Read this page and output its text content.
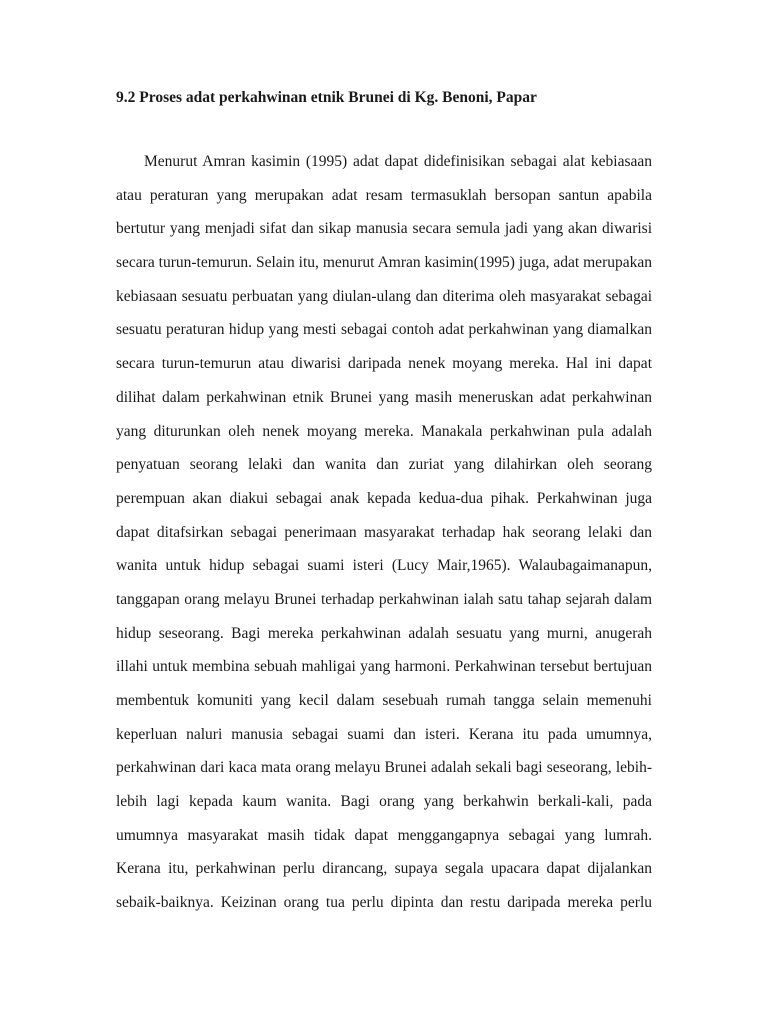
9.2 Proses adat perkahwinan etnik Brunei di Kg. Benoni, Papar
Menurut Amran kasimin (1995) adat dapat didefinisikan sebagai alat kebiasaan
atau peraturan yang merupakan adat resam termasuklah bersopan santun apabila
bertutur yang menjadi sifat dan sikap manusia secara semula jadi yang akan diwarisi
secara turun-temurun. Selain itu, menurut Amran kasimin(1995) juga, adat merupakan
kebiasaan sesuatu perbuatan yang diulan-ulang dan diterima oleh masyarakat sebagai
sesuatu peraturan hidup yang mesti sebagai contoh adat perkahwinan yang diamalkan
secara turun-temurun atau diwarisi daripada nenek moyang mereka. Hal ini dapat
dilihat dalam perkahwinan etnik Brunei yang masih meneruskan adat perkahwinan
yang diturunkan oleh nenek moyang mereka. Manakala perkahwinan pula adalah
penyatuan seorang lelaki dan wanita dan zuriat yang dilahirkan oleh seorang
perempuan akan diakui sebagai anak kepada kedua-dua pihak. Perkahwinan juga
dapat ditafsirkan sebagai penerimaan masyarakat terhadap hak seorang lelaki dan
wanita untuk hidup sebagai suami isteri (Lucy Mair,1965). Walaubagaimanapun,
tanggapan orang melayu Brunei terhadap perkahwinan ialah satu tahap sejarah dalam
hidup seseorang. Bagi mereka perkahwinan adalah sesuatu yang murni, anugerah
illahi untuk membina sebuah mahligai yang harmoni. Perkahwinan tersebut bertujuan
membentuk komuniti yang kecil dalam sesebuah rumah tangga selain memenuhi
keperluan naluri manusia sebagai suami dan isteri. Kerana itu pada umumnya,
perkahwinan dari kaca mata orang melayu Brunei adalah sekali bagi seseorang, lebih-
lebih lagi kepada kaum wanita. Bagi orang yang berkahwin berkali-kali, pada
umumnya masyarakat masih tidak dapat menggangapnya sebagai yang lumrah.
Kerana itu, perkahwinan perlu dirancang, supaya segala upacara dapat dijalankan
sebaik-baiknya. Keizinan orang tua perlu dipinta dan restu daripada mereka perlu
